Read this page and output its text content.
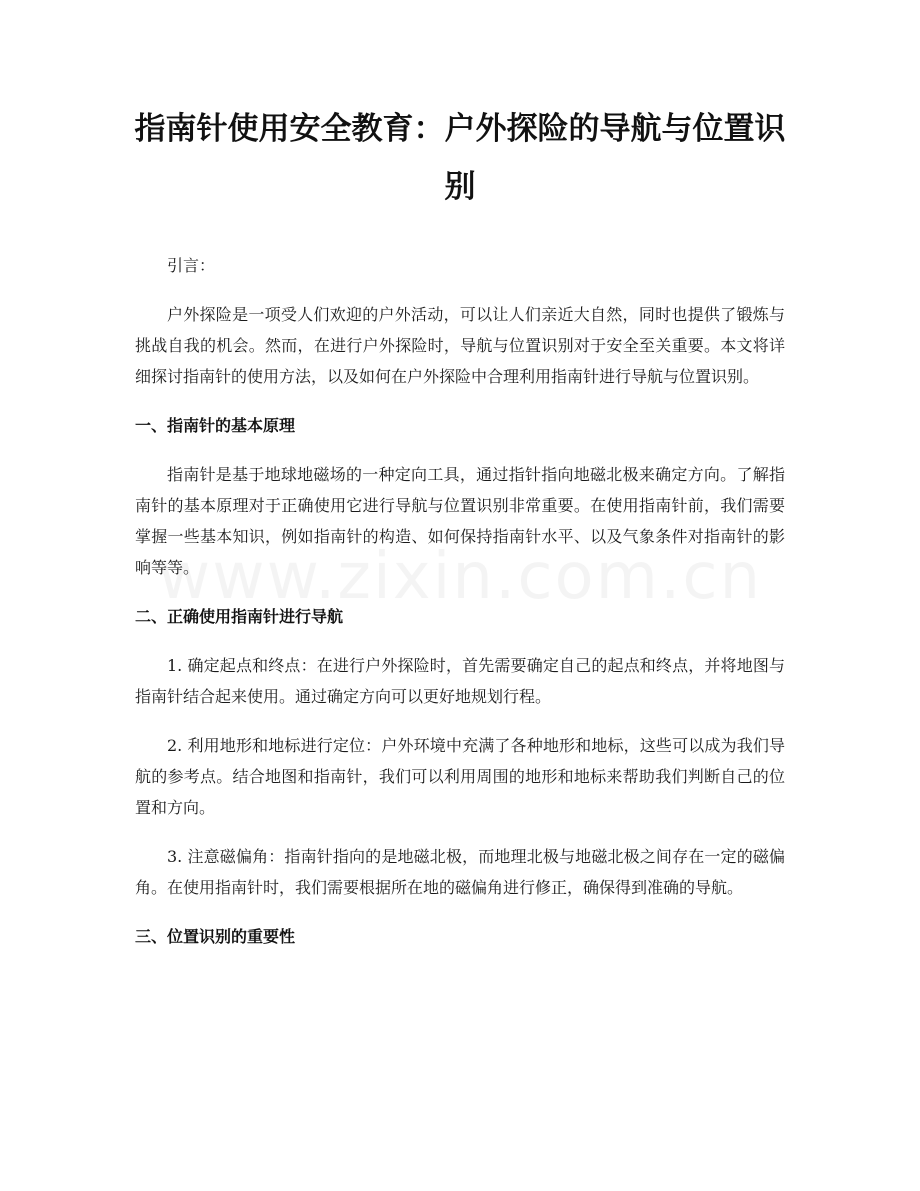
指南针使用安全教育：户外探险的导航与位置识别

引言：

户外探险是一项受人们欢迎的户外活动，可以让人们亲近大自然，同时也提供了锻炼与挑战自我的机会。然而，在进行户外探险时，导航与位置识别对于安全至关重要。本文将详细探讨指南针的使用方法，以及如何在户外探险中合理利用指南针进行导航与位置识别。

一、指南针的基本原理

指南针是基于地球地磁场的一种定向工具，通过指针指向地磁北极来确定方向。了解指南针的基本原理对于正确使用它进行导航与位置识别非常重要。在使用指南针前，我们需要掌握一些基本知识，例如指南针的构造、如何保持指南针水平、以及气象条件对指南针的影响等等。

二、正确使用指南针进行导航

1. 确定起点和终点：在进行户外探险时，首先需要确定自己的起点和终点，并将地图与指南针结合起来使用。通过确定方向可以更好地规划行程。

2. 利用地形和地标进行定位：户外环境中充满了各种地形和地标，这些可以成为我们导航的参考点。结合地图和指南针，我们可以利用周围的地形和地标来帮助我们判断自己的位置和方向。

3. 注意磁偏角：指南针指向的是地磁北极，而地理北极与地磁北极之间存在一定的磁偏角。在使用指南针时，我们需要根据所在地的磁偏角进行修正，确保得到准确的导航。

三、位置识别的重要性
